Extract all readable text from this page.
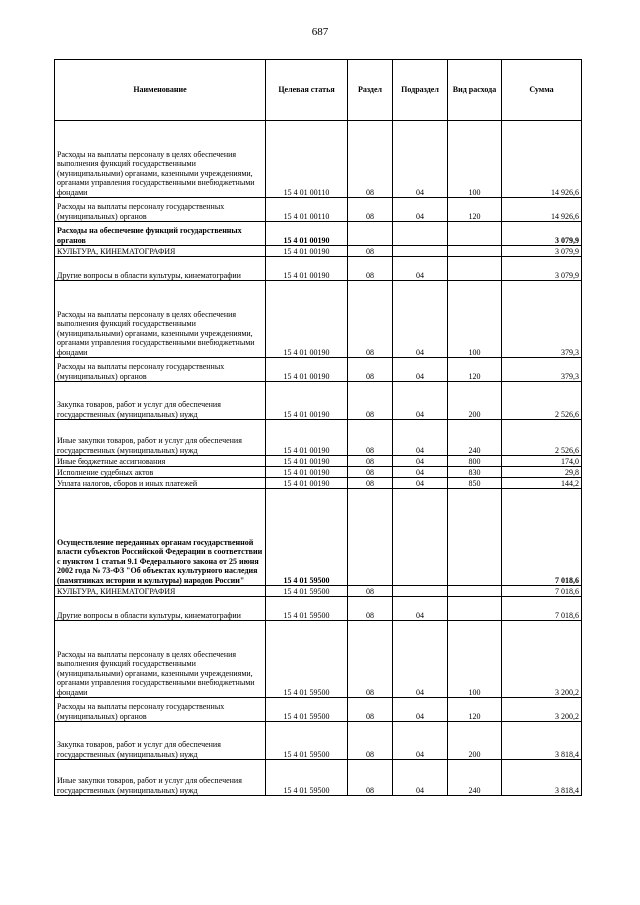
687
Наименование	Целевая статья	Раздел	Подраздел	Вид расхода	Сумма
Расходы на выплаты персоналу в целях обеспечения выполнения функций государственными (муниципальными) органами, казенными учреждениями, органами управления государственными внебюджетными фондами	15 4 01 00110	08	04	100	14 926,6
Расходы на выплаты персоналу государственных (муниципальных) органов	15 4 01 00110	08	04	120	14 926,6
Расходы на обеспечение функций государственных органов	15 4 01 00190				3 079,9
КУЛЬТУРА, КИНЕМАТОГРАФИЯ	15 4 01 00190	08			3 079,9
Другие вопросы в области культуры, кинематографии	15 4 01 00190	08	04		3 079,9
Расходы на выплаты персоналу в целях обеспечения выполнения функций государственными (муниципальными) органами, казенными учреждениями, органами управления государственными внебюджетными фондами	15 4 01 00190	08	04	100	379,3
Расходы на выплаты персоналу государственных (муниципальных) органов	15 4 01 00190	08	04	120	379,3
Закупка товаров, работ и услуг для обеспечения государственных (муниципальных) нужд	15 4 01 00190	08	04	200	2 526,6
Иные закупки товаров, работ и услуг для обеспечения государственных (муниципальных) нужд	15 4 01 00190	08	04	240	2 526,6
Иные бюджетные ассигнования	15 4 01 00190	08	04	800	174,0
Исполнение судебных актов	15 4 01 00190	08	04	830	29,8
Уплата налогов, сборов и иных платежей	15 4 01 00190	08	04	850	144,2
Осуществление переданных органам государственной власти субъектов Российской Федерации в соответствии с пунктом 1 статьи 9.1 Федерального закона от 25 июня 2002 года № 73-ФЗ "Об объектах культурного наследия (памятниках истории и культуры) народов России"	15 4 01 59500				7 018,6
КУЛЬТУРА, КИНЕМАТОГРАФИЯ	15 4 01 59500	08			7 018,6
Другие вопросы в области культуры, кинематографии	15 4 01 59500	08	04		7 018,6
Расходы на выплаты персоналу в целях обеспечения выполнения функций государственными (муниципальными) органами, казенными учреждениями, органами управления государственными внебюджетными фондами	15 4 01 59500	08	04	100	3 200,2
Расходы на выплаты персоналу государственных (муниципальных) органов	15 4 01 59500	08	04	120	3 200,2
Закупка товаров, работ и услуг для обеспечения государственных (муниципальных) нужд	15 4 01 59500	08	04	200	3 818,4
Иные закупки товаров, работ и услуг для обеспечения государственных (муниципальных) нужд	15 4 01 59500	08	04	240	3 818,4
